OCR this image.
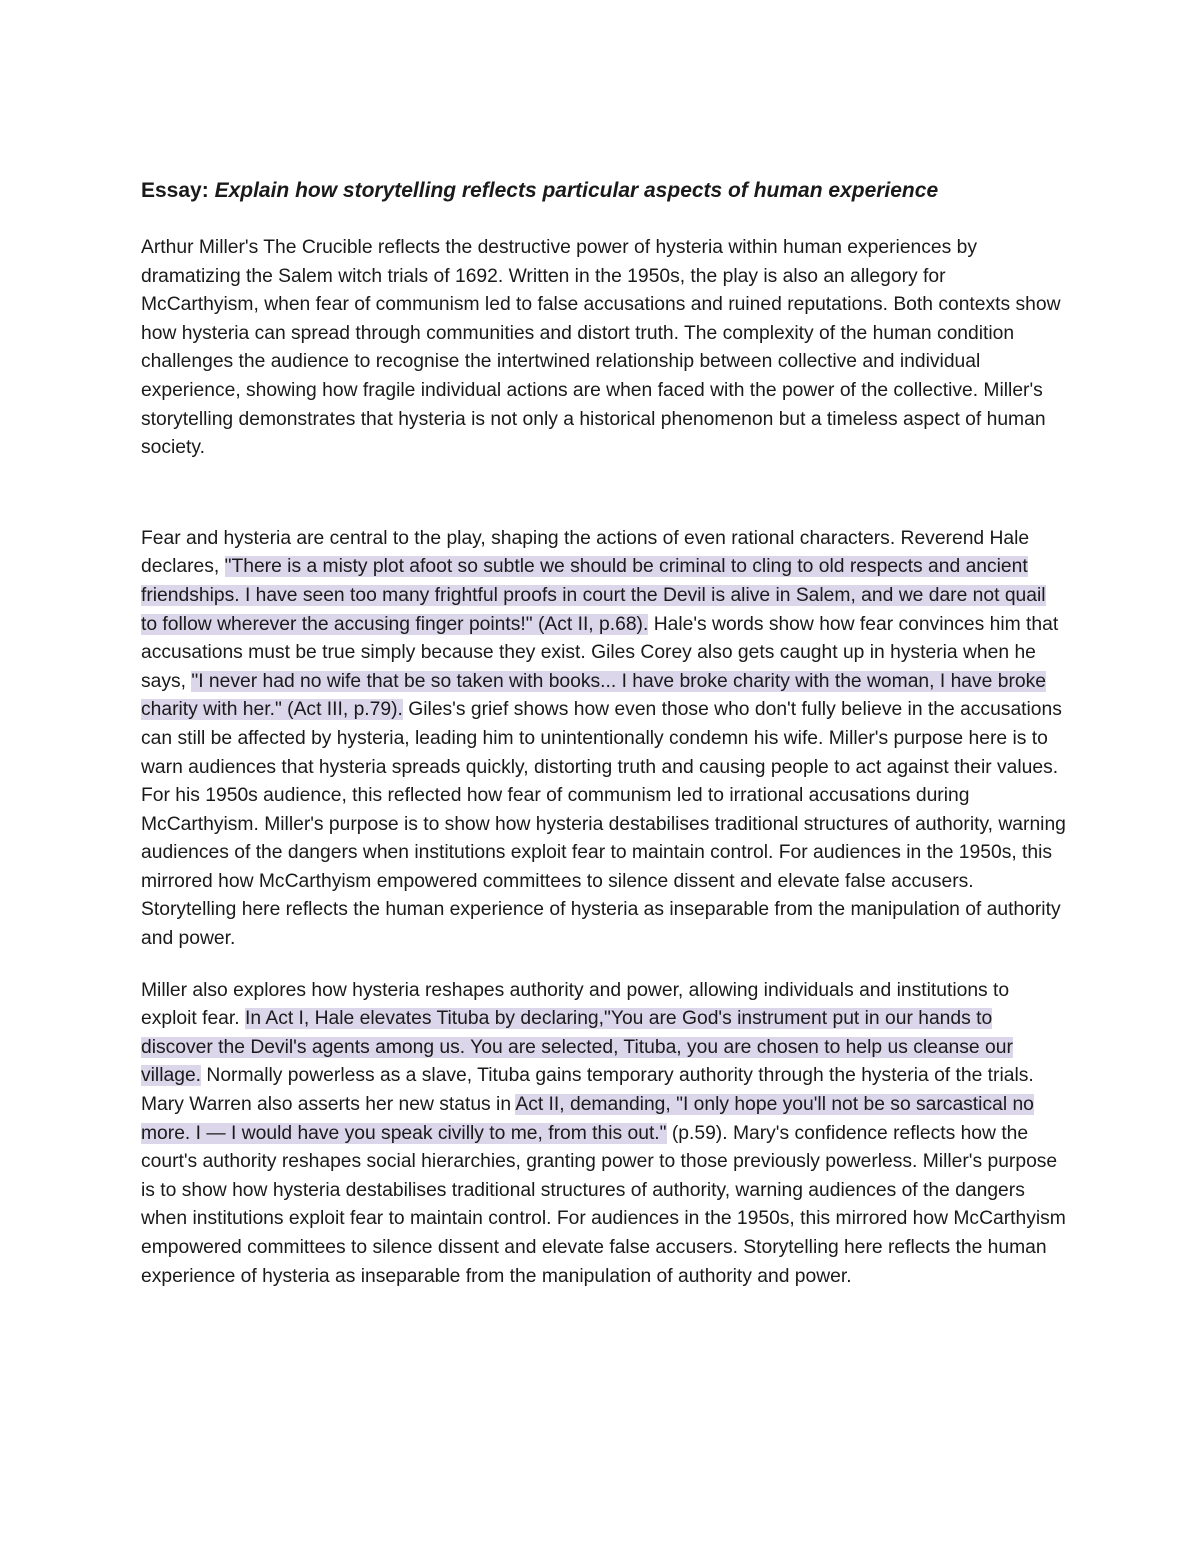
Essay: Explain how storytelling reflects particular aspects of human experience

Arthur Miller's The Crucible reflects the destructive power of hysteria within human experiences by dramatizing the Salem witch trials of 1692. Written in the 1950s, the play is also an allegory for McCarthyism, when fear of communism led to false accusations and ruined reputations. Both contexts show how hysteria can spread through communities and distort truth. The complexity of the human condition challenges the audience to recognise the intertwined relationship between collective and individual experience, showing how fragile individual actions are when faced with the power of the collective. Miller's storytelling demonstrates that hysteria is not only a historical phenomenon but a timeless aspect of human society.

Fear and hysteria are central to the play, shaping the actions of even rational characters. Reverend Hale declares, "There is a misty plot afoot so subtle we should be criminal to cling to old respects and ancient friendships. I have seen too many frightful proofs in court the Devil is alive in Salem, and we dare not quail to follow wherever the accusing finger points!" (Act II, p.68). Hale's words show how fear convinces him that accusations must be true simply because they exist. Giles Corey also gets caught up in hysteria when he says, "I never had no wife that be so taken with books... I have broke charity with the woman, I have broke charity with her." (Act III, p.79). Giles's grief shows how even those who don't fully believe in the accusations can still be affected by hysteria, leading him to unintentionally condemn his wife. Miller's purpose here is to warn audiences that hysteria spreads quickly, distorting truth and causing people to act against their values. For his 1950s audience, this reflected how fear of communism led to irrational accusations during McCarthyism. Miller's purpose is to show how hysteria destabilises traditional structures of authority, warning audiences of the dangers when institutions exploit fear to maintain control. For audiences in the 1950s, this mirrored how McCarthyism empowered committees to silence dissent and elevate false accusers. Storytelling here reflects the human experience of hysteria as inseparable from the manipulation of authority and power.

Miller also explores how hysteria reshapes authority and power, allowing individuals and institutions to exploit fear. In Act I, Hale elevates Tituba by declaring,"You are God's instrument put in our hands to discover the Devil's agents among us. You are selected, Tituba, you are chosen to help us cleanse our village. Normally powerless as a slave, Tituba gains temporary authority through the hysteria of the trials. Mary Warren also asserts her new status in Act II, demanding, "I only hope you'll not be so sarcastical no more. I — I would have you speak civilly to me, from this out." (p.59). Mary's confidence reflects how the court's authority reshapes social hierarchies, granting power to those previously powerless. Miller's purpose is to show how hysteria destabilises traditional structures of authority, warning audiences of the dangers when institutions exploit fear to maintain control. For audiences in the 1950s, this mirrored how McCarthyism empowered committees to silence dissent and elevate false accusers. Storytelling here reflects the human experience of hysteria as inseparable from the manipulation of authority and power.
